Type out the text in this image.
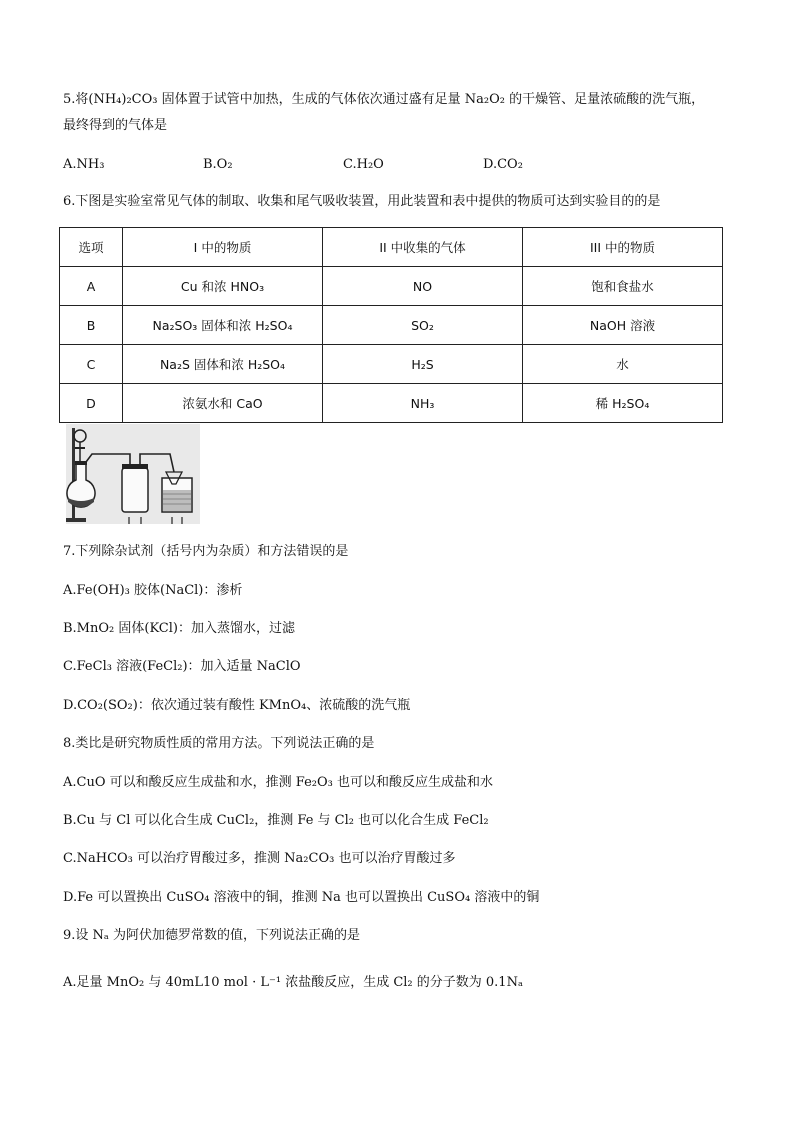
5.将(NH₄)₂CO₃ 固体置于试管中加热，生成的气体依次通过盛有足量 Na₂O₂ 的干燥管、足量浓硫酸的洗气瓶，
最终得到的气体是
A.NH₃	B.O₂	C.H₂O	D.CO₂
6.下图是实验室常见气体的制取、收集和尾气吸收装置，用此装置和表中提供的物质可达到实验目的的是
选项	I 中的物质	II 中收集的气体	III 中的物质
A	Cu 和浓 HNO₃	NO	饱和食盐水
B	Na₂SO₃ 固体和浓 H₂SO₄	SO₂	NaOH 溶液
C	Na₂S 固体和浓 H₂SO₄	H₂S	水
D	浓氨水和 CaO	NH₃	稀 H₂SO₄
7.下列除杂试剂（括号内为杂质）和方法错误的是
A.Fe(OH)₃ 胶体(NaCl)：渗析
B.MnO₂ 固体(KCl)：加入蒸馏水，过滤
C.FeCl₃ 溶液(FeCl₂)：加入适量 NaClO
D.CO₂(SO₂)：依次通过装有酸性 KMnO₄、浓硫酸的洗气瓶
8.类比是研究物质性质的常用方法。下列说法正确的是
A.CuO 可以和酸反应生成盐和水，推测 Fe₂O₃ 也可以和酸反应生成盐和水
B.Cu 与 Cl 可以化合生成 CuCl₂，推测 Fe 与 Cl₂ 也可以化合生成 FeCl₂
C.NaHCO₃ 可以治疗胃酸过多，推测 Na₂CO₃ 也可以治疗胃酸过多
D.Fe 可以置换出 CuSO₄ 溶液中的铜，推测 Na 也可以置换出 CuSO₄ 溶液中的铜
9.设 Nₐ 为阿伏加德罗常数的值，下列说法正确的是
A.足量 MnO₂ 与 40mL10 mol · L⁻¹ 浓盐酸反应，生成 Cl₂ 的分子数为 0.1Nₐ
